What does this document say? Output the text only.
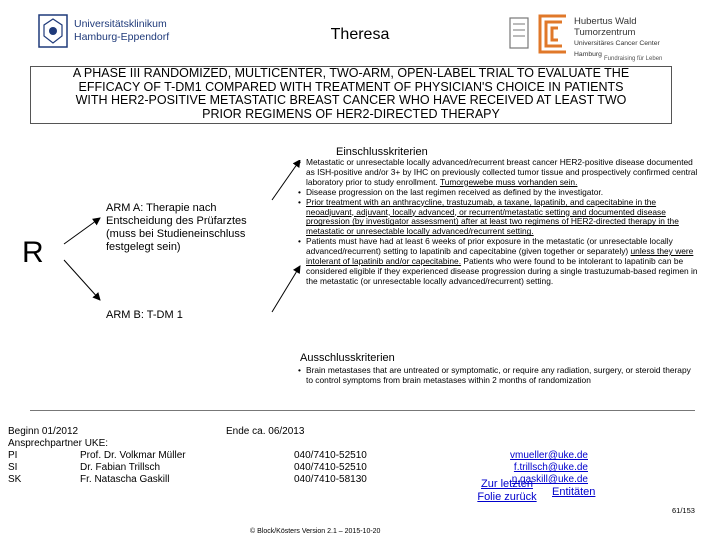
Universitätsklinikum
Hamburg-Eppendorf	Theresa
Hubertus Wald Tumorzentrum
Universitäres Cancer Center Hamburg
Fundraising für Leben
A PHASE III RANDOMIZED, MULTICENTER, TWO-ARM, OPEN-LABEL TRIAL TO EVALUATE THE
EFFICACY OF T-DM1 COMPARED WITH TREATMENT OF PHYSICIAN'S CHOICE IN PATIENTS
WITH HER2-POSITIVE METASTATIC BREAST CANCER WHO HAVE RECEIVED AT LEAST TWO
PRIOR REGIMENS OF HER2-DIRECTED THERAPY
R
ARM A: Therapie nach Entscheidung des Prüfarztes (muss bei Studieneinschluss festgelegt sein)
ARM B: T-DM 1
Einschlusskriterien
• Metastatic or unresectable locally advanced/recurrent breast cancer HER2-positive disease documented as ISH-positive and/or 3+ by IHC on previously collected tumor tissue and prospectively confirmed central laboratory prior to study enrollment. Tumorgewebe muss vorhanden sein.
• Disease progression on the last regimen received as defined by the investigator.
• Prior treatment with an anthracycline, trastuzumab, a taxane, lapatinib, and capecitabine in the neoadjuvant, adjuvant, locally advanced, or recurrent/metastatic setting and documented disease progression (by investigator assessment) after at least two regimens of HER2-directed therapy in the metastatic or unresectable locally advanced/recurrent setting.
• Patients must have had at least 6 weeks of prior exposure in the metastatic (or unresectable locally advanced/recurrent) setting to lapatinib and capecitabine (given together or separately) unless they were intolerant of lapatinib and/or capecitabine. Patients who were found to be intolerant to lapatinib can be considered eligible if they experienced disease progression during a single trastuzumab-based regimen in the metastatic (or unresectable locally advanced/recurrent) setting.
Ausschlusskriterien
• Brain metastases that are untreated or symptomatic, or require any radiation, surgery, or steroid therapy to control symptoms from brain metastases within 2 months of randomization
Beginn 01/2012	Ende ca. 06/2013
Ansprechpartner UKE:
PI	Prof. Dr. Volkmar Müller	040/7410-52510	vmueller@uke.de
SI	Dr. Fabian Trillsch	040/7410-52510	f.trillsch@uke.de
SK	Fr. Natascha Gaskill	040/7410-58130	n.gaskill@uke.de
Zur letzten Folie zurück	Entitäten
© Block/Kösters Version 2.1 – 2015-10-20
61/153
